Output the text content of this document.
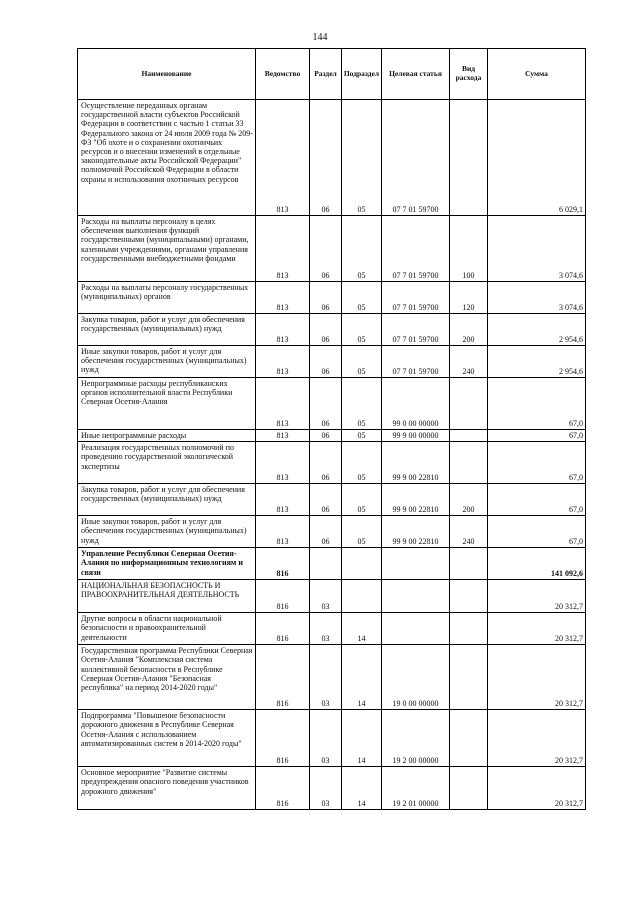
144
Наименование	Ведомство	Раздел	Подраздел	Целевая статья	Вид расхода	Сумма
Осуществление переданных органам государственной власти субъектов Российской Федерации в соответствии с частью 1 статьи 33 Федерального закона от 24 июля 2009 года № 209-ФЗ "Об охоте и о сохранении охотничьих ресурсов и о внесении изменений в отдельные законодательные акты Российской Федерации" полномочий Российской Федерации в области охраны и использования охотничьих ресурсов	813	06	05	07 7 01 59700		6 029,1
Расходы на выплаты персоналу в целях обеспечения выполнения функций государственными (муниципальными) органами, казенными учреждениями, органами управления государственными внебюджетными фондами	813	06	05	07 7 01 59700	100	3 074,6
Расходы на выплаты персоналу государственных (муниципальных) органов	813	06	05	07 7 01 59700	120	3 074,6
Закупка товаров, работ и услуг для обеспечения государственных (муниципальных) нужд	813	06	05	07 7 01 59700	200	2 954,6
Иные закупки товаров, работ и услуг для обеспечения государственных (муниципальных) нужд	813	06	05	07 7 01 59700	240	2 954,6
Непрограммные расходы республиканских органов исполнительной власти Республики Северная Осетия-Алания	813	06	05	99 0 00 00000		67,0
Иные непрограммные расходы	813	06	05	99 9 00 00000		67,0
Реализация государственных полномочий по проведению государственной экологической экспертизы	813	06	05	99 9 00 22810		67,0
Закупка товаров, работ и услуг для обеспечения государственных (муниципальных) нужд	813	06	05	99 9 00 22810	200	67,0
Иные закупки товаров, работ и услуг для обеспечения государственных (муниципальных) нужд	813	06	05	99 9 00 22810	240	67,0
Управление Республики Северная Осетия-Алания по информационным технологиям и связи	816					141 092,6
НАЦИОНАЛЬНАЯ БЕЗОПАСНОСТЬ И ПРАВООХРАНИТЕЛЬНАЯ ДЕЯТЕЛЬНОСТЬ	816	03				20 312,7
Другие вопросы в области национальной безопасности и правоохранительной деятельности	816	03	14			20 312,7
Государственная программа Республики Северная Осетия-Алания "Комплексная система коллективной безопасности в Республике Северная Осетия-Алания "Безопасная республика" на период 2014-2020 годы"	816	03	14	19 0 00 00000		20 312,7
Подпрограмма "Повышение безопасности дорожного движения в Республике Северная Осетия-Алания с использованием автоматизированных систем в 2014-2020 годы"	816	03	14	19 2 00 00000		20 312,7
Основное мероприятие "Развитие системы предупреждения опасного поведения участников дорожного движения"	816	03	14	19 2 01 00000		20 312,7
